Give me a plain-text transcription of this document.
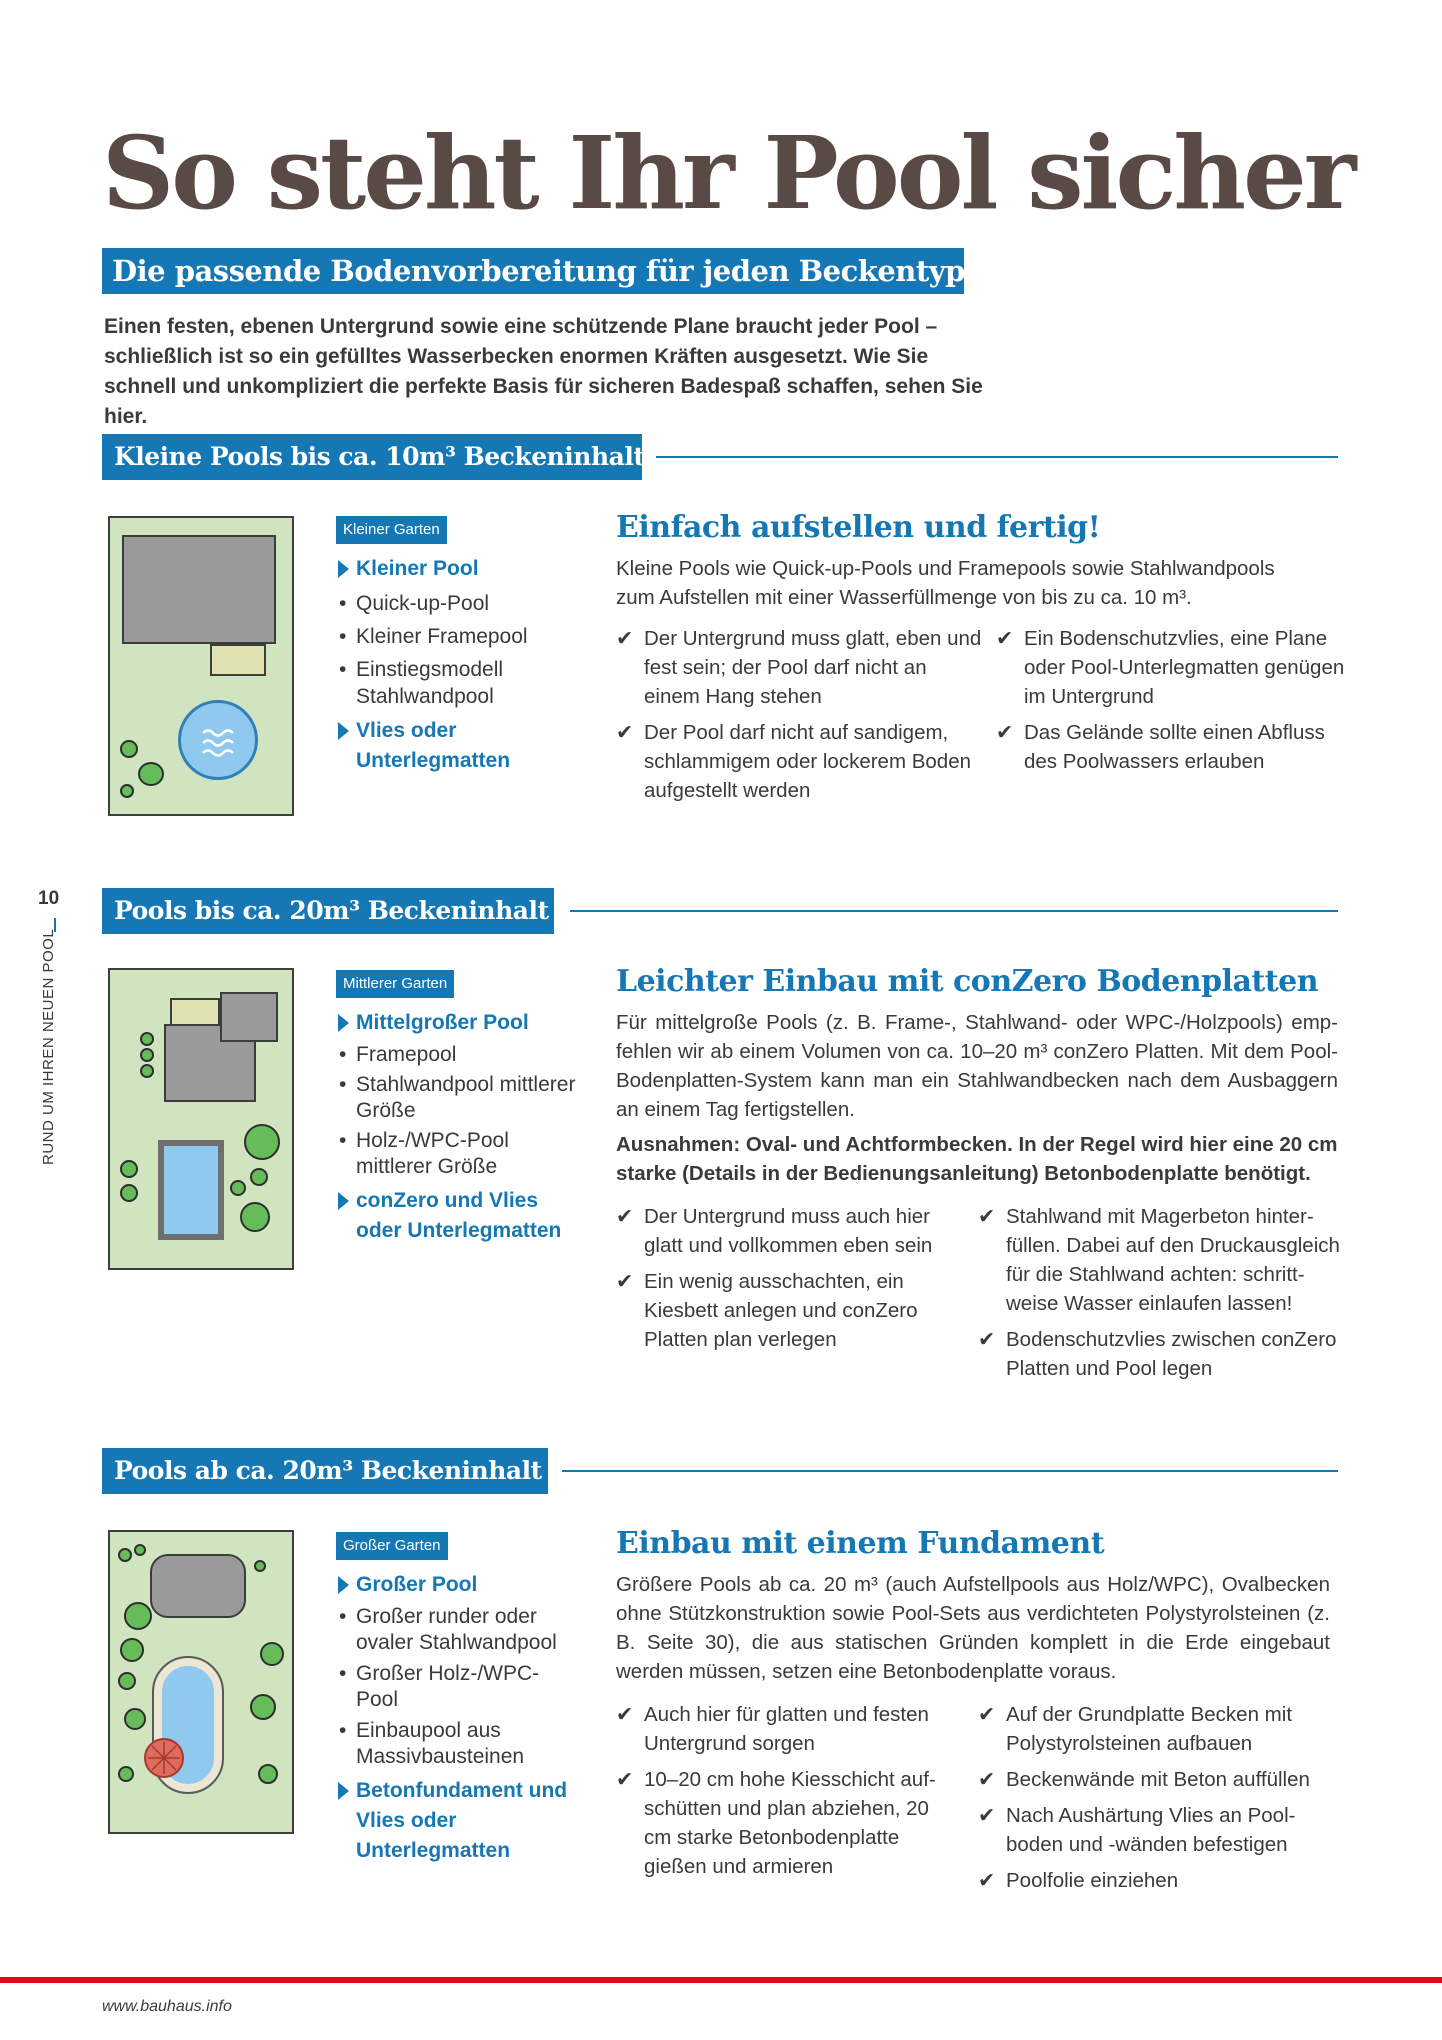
So steht Ihr Pool sicher
Die passende Bodenvorbereitung für jeden Beckentyp
Einen festen, ebenen Untergrund sowie eine schützende Plane braucht jeder Pool – schließlich ist so ein gefülltes Wasserbecken enormen Kräften ausgesetzt. Wie Sie schnell und unkompliziert die perfekte Basis für sicheren Badespaß schaffen, sehen Sie hier.
10
RUND UM IHREN NEUEN POOL
Kleine Pools bis ca. 10m³ Beckeninhalt
Kleiner Garten
Kleiner Pool
• Quick-up-Pool
• Kleiner Framepool
• Einstiegsmodell Stahlwandpool
Vlies oder Unterlegmatten
Einfach aufstellen und fertig!
Kleine Pools wie Quick-up-Pools und Framepools sowie Stahlwandpools zum Aufstellen mit einer Wasserfüllmenge von bis zu ca. 10 m³.
✔ Der Untergrund muss glatt, eben und fest sein; der Pool darf nicht an einem Hang stehen
✔ Der Pool darf nicht auf sandigem, schlammigem oder lockerem Boden aufgestellt werden
✔ Ein Bodenschutzvlies, eine Plane oder Pool-Unterlegmatten genügen im Untergrund
✔ Das Gelände sollte einen Abfluss des Poolwassers erlauben
Pools bis ca. 20m³ Beckeninhalt
Mittlerer Garten
Mittelgroßer Pool
• Framepool
• Stahlwandpool mittlerer Größe
• Holz-/WPC-Pool mittlerer Größe
conZero und Vlies oder Unterlegmatten
Leichter Einbau mit conZero Bodenplatten
Für mittelgroße Pools (z. B. Frame-, Stahlwand- oder WPC-/Holzpools) empfehlen wir ab einem Volumen von ca. 10–20 m³ conZero Platten. Mit dem Pool-Bodenplatten-System kann man ein Stahlwandbecken nach dem Ausbaggern an einem Tag fertigstellen.
Ausnahmen: Oval- und Achtformbecken. In der Regel wird hier eine 20 cm starke (Details in der Bedienungsanleitung) Betonbodenplatte benötigt.
✔ Der Untergrund muss auch hier glatt und vollkommen eben sein
✔ Ein wenig ausschachten, ein Kiesbett anlegen und conZero Platten plan verlegen
✔ Stahlwand mit Magerbeton hinterfüllen. Dabei auf den Druckausgleich für die Stahlwand achten: schrittweise Wasser einlaufen lassen!
✔ Bodenschutzvlies zwischen conZero Platten und Pool legen
Pools ab ca. 20m³ Beckeninhalt
Großer Garten
Großer Pool
• Großer runder oder ovaler Stahlwandpool
• Großer Holz-/WPC-Pool
• Einbaupool aus Massivbausteinen
Betonfundament und Vlies oder Unterlegmatten
Einbau mit einem Fundament
Größere Pools ab ca. 20 m³ (auch Aufstellpools aus Holz/WPC), Ovalbecken ohne Stützkonstruktion sowie Pool-Sets aus verdichteten Polystyrolsteinen (z. B. Seite 30), die aus statischen Gründen komplett in die Erde eingebaut werden müssen, setzen eine Betonbodenplatte voraus.
✔ Auch hier für glatten und festen Untergrund sorgen
✔ 10–20 cm hohe Kiesschicht aufschütten und plan abziehen, 20 cm starke Betonbodenplatte gießen und armieren
✔ Auf der Grundplatte Becken mit Polystyrolsteinen aufbauen
✔ Beckenwände mit Beton auffüllen
✔ Nach Aushärtung Vlies an Poolboden und -wänden befestigen
✔ Poolfolie einziehen
www.bauhaus.info
